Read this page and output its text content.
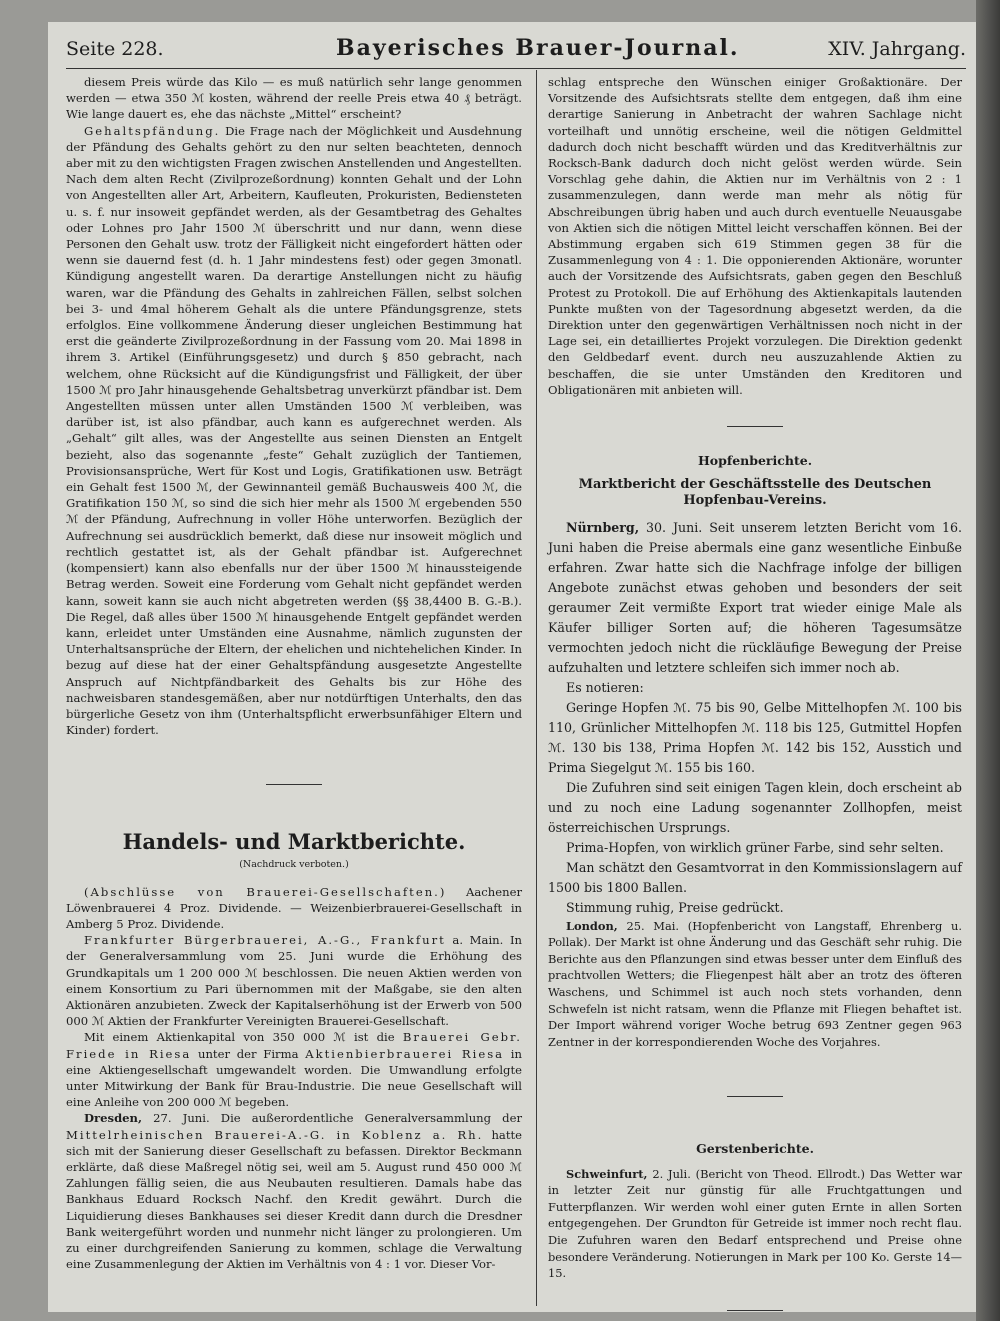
Seite 228.	Bayerisches Brauer-Journal.	XIV. Jahrgang.

diesem Preis würde das Kilo — es muß natürlich sehr lange genommen werden — etwa 350 ℳ kosten, während der reelle Preis etwa 40 ₰ beträgt. Wie lange dauert es, ehe das nächste „Mittel“ erscheint?

Gehaltspfändung. Die Frage nach der Möglichkeit und Ausdehnung der Pfändung des Gehalts gehört zu den nur selten beachteten, dennoch aber mit zu den wichtigsten Fragen zwischen Anstellenden und Angestellten. Nach dem alten Recht (Zivilprozeßordnung) konnten Gehalt und der Lohn von Angestellten aller Art, Arbeitern, Kaufleuten, Prokuristen, Bediensteten u. s. f. nur insoweit gepfändet werden, als der Gesamtbetrag des Gehaltes oder Lohnes pro Jahr 1500 ℳ überschritt und nur dann, wenn diese Personen den Gehalt usw. trotz der Fälligkeit nicht eingefordert hätten oder wenn sie dauernd fest (d. h. 1 Jahr mindestens fest) oder gegen 3monatl. Kündigung angestellt waren. Da derartige Anstellungen nicht zu häufig waren, war die Pfändung des Gehalts in zahlreichen Fällen, selbst solchen bei 3- und 4mal höherem Gehalt als die untere Pfändungsgrenze, stets erfolglos. Eine vollkommene Änderung dieser ungleichen Bestimmung hat erst die geänderte Zivilprozeßordnung in der Fassung vom 20. Mai 1898 in ihrem 3. Artikel (Einführungsgesetz) und durch § 850 gebracht, nach welchem, ohne Rücksicht auf die Kündigungsfrist und Fälligkeit, der über 1500 ℳ pro Jahr hinausgehende Gehaltsbetrag unverkürzt pfändbar ist. Dem Angestellten müssen unter allen Umständen 1500 ℳ verbleiben, was darüber ist, ist also pfändbar, auch kann es aufgerechnet werden. Als „Gehalt“ gilt alles, was der Angestellte aus seinen Diensten an Entgelt bezieht, also das sogenannte „feste“ Gehalt zuzüglich der Tantiemen, Provisionsansprüche, Wert für Kost und Logis, Gratifikationen usw. Beträgt ein Gehalt fest 1500 ℳ, der Gewinnanteil gemäß Buchausweis 400 ℳ, die Gratifikation 150 ℳ, so sind die sich hier mehr als 1500 ℳ ergebenden 550 ℳ der Pfändung, Aufrechnung in voller Höhe unterworfen. Bezüglich der Aufrechnung sei ausdrücklich bemerkt, daß diese nur insoweit möglich und rechtlich gestattet ist, als der Gehalt pfändbar ist. Aufgerechnet (kompensiert) kann also ebenfalls nur der über 1500 ℳ hinaussteigende Betrag werden. Soweit eine Forderung vom Gehalt nicht gepfändet werden kann, soweit kann sie auch nicht abgetreten werden (§§ 38,4400 B. G.-B.). Die Regel, daß alles über 1500 ℳ hinausgehende Entgelt gepfändet werden kann, erleidet unter Umständen eine Ausnahme, nämlich zugunsten der Unterhaltsansprüche der Eltern, der ehelichen und nichtehelichen Kinder. In bezug auf diese hat der einer Gehaltspfändung ausgesetzte Angestellte Anspruch auf Nichtpfändbarkeit des Gehalts bis zur Höhe des nachweisbaren standesgemäßen, aber nur notdürftigen Unterhalts, den das bürgerliche Gesetz von ihm (Unterhaltspflicht erwerbsunfähiger Eltern und Kinder) fordert.

Handels- und Marktberichte.
(Nachdruck verboten.)

(Abschlüsse von Brauerei-Gesellschaften.) Aachener Löwenbrauerei 4 Proz. Dividende. — Weizenbierbrauerei-Gesellschaft in Amberg 5 Proz. Dividende.

Frankfurter Bürgerbrauerei, A.-G., Frankfurt a. Main. In der Generalversammlung vom 25. Juni wurde die Erhöhung des Grundkapitals um 1 200 000 ℳ beschlossen. Die neuen Aktien werden von einem Konsortium zu Pari übernommen mit der Maßgabe, sie den alten Aktionären anzubieten. Zweck der Kapitalserhöhung ist der Erwerb von 500 000 ℳ Aktien der Frankfurter Vereinigten Brauerei-Gesellschaft.

Mit einem Aktienkapital von 350 000 ℳ ist die Brauerei Gebr. Friede in Riesa unter der Firma Aktienbierbrauerei Riesa in eine Aktiengesellschaft umgewandelt worden. Die Umwandlung erfolgte unter Mitwirkung der Bank für Brau-Industrie. Die neue Gesellschaft will eine Anleihe von 200 000 ℳ begeben.

Dresden, 27. Juni. Die außerordentliche Generalversammlung der Mittelrheinischen Brauerei-A.-G. in Koblenz a. Rh. hatte sich mit der Sanierung dieser Gesellschaft zu befassen. Direktor Beckmann erklärte, daß diese Maßregel nötig sei, weil am 5. August rund 450 000 ℳ Zahlungen fällig seien, die aus Neubauten resultieren. Damals habe das Bankhaus Eduard Rocksch Nachf. den Kredit gewährt. Durch die Liquidierung dieses Bankhauses sei dieser Kredit dann durch die Dresdner Bank weitergeführt worden und nunmehr nicht länger zu prolongieren. Um zu einer durchgreifenden Sanierung zu kommen, schlage die Verwaltung eine Zusammenlegung der Aktien im Verhältnis von 4 : 1 vor. Dieser Vor-

schlag entspreche den Wünschen einiger Großaktionäre. Der Vorsitzende des Aufsichtsrats stellte dem entgegen, daß ihm eine derartige Sanierung in Anbetracht der wahren Sachlage nicht vorteilhaft und unnötig erscheine, weil die nötigen Geldmittel dadurch doch nicht beschafft würden und das Kreditverhältnis zur Rocksch-Bank dadurch doch nicht gelöst werden würde. Sein Vorschlag gehe dahin, die Aktien nur im Verhältnis von 2 : 1 zusammenzulegen, dann werde man mehr als nötig für Abschreibungen übrig haben und auch durch eventuelle Neuausgabe von Aktien sich die nötigen Mittel leicht verschaffen können. Bei der Abstimmung ergaben sich 619 Stimmen gegen 38 für die Zusammenlegung von 4 : 1. Die opponierenden Aktionäre, worunter auch der Vorsitzende des Aufsichtsrats, gaben gegen den Beschluß Protest zu Protokoll. Die auf Erhöhung des Aktienkapitals lautenden Punkte mußten von der Tagesordnung abgesetzt werden, da die Direktion unter den gegenwärtigen Verhältnissen noch nicht in der Lage sei, ein detailliertes Projekt vorzulegen. Die Direktion gedenkt den Geldbedarf event. durch neu auszuzahlende Aktien zu beschaffen, die sie unter Umständen den Kreditoren und Obligationären mit anbieten will.

Hopfenberichte.
Marktbericht der Geschäftsstelle des Deutschen Hopfenbau-Vereins.

Nürnberg, 30. Juni. Seit unserem letzten Bericht vom 16. Juni haben die Preise abermals eine ganz wesentliche Einbuße erfahren. Zwar hatte sich die Nachfrage infolge der billigen Angebote zunächst etwas gehoben und besonders der seit geraumer Zeit vermißte Export trat wieder einige Male als Käufer billiger Sorten auf; die höheren Tagesumsätze vermochten jedoch nicht die rückläufige Bewegung der Preise aufzuhalten und letztere schleifen sich immer noch ab.

Es notieren:

Geringe Hopfen ℳ. 75 bis 90, Gelbe Mittelhopfen ℳ. 100 bis 110, Grünlicher Mittelhopfen ℳ. 118 bis 125, Gutmittel Hopfen ℳ. 130 bis 138, Prima Hopfen ℳ. 142 bis 152, Ausstich und Prima Siegelgut ℳ. 155 bis 160.

Die Zufuhren sind seit einigen Tagen klein, doch erscheint ab und zu noch eine Ladung sogenannter Zollhopfen, meist österreichischen Ursprungs.

Prima-Hopfen, von wirklich grüner Farbe, sind sehr selten.

Man schätzt den Gesamtvorrat in den Kommissionslagern auf 1500 bis 1800 Ballen.

Stimmung ruhig, Preise gedrückt.

London, 25. Mai. (Hopfenbericht von Langstaff, Ehrenberg u. Pollak). Der Markt ist ohne Änderung und das Geschäft sehr ruhig. Die Berichte aus den Pflanzungen sind etwas besser unter dem Einfluß des prachtvollen Wetters; die Fliegenpest hält aber an trotz des öfteren Waschens, und Schimmel ist auch noch stets vorhanden, denn Schwefeln ist nicht ratsam, wenn die Pflanze mit Fliegen behaftet ist. Der Import während voriger Woche betrug 693 Zentner gegen 963 Zentner in der korrespondierenden Woche des Vorjahres.

Gerstenberichte.

Schweinfurt, 2. Juli. (Bericht von Theod. Ellrodt.) Das Wetter war in letzter Zeit nur günstig für alle Fruchtgattungen und Futterpflanzen. Wir werden wohl einer guten Ernte in allen Sorten entgegengehen. Der Grundton für Getreide ist immer noch recht flau. Die Zufuhren waren den Bedarf entsprechend und Preise ohne besondere Veränderung. Notierungen in Mark per 100 Ko. Gerste 14—15.
